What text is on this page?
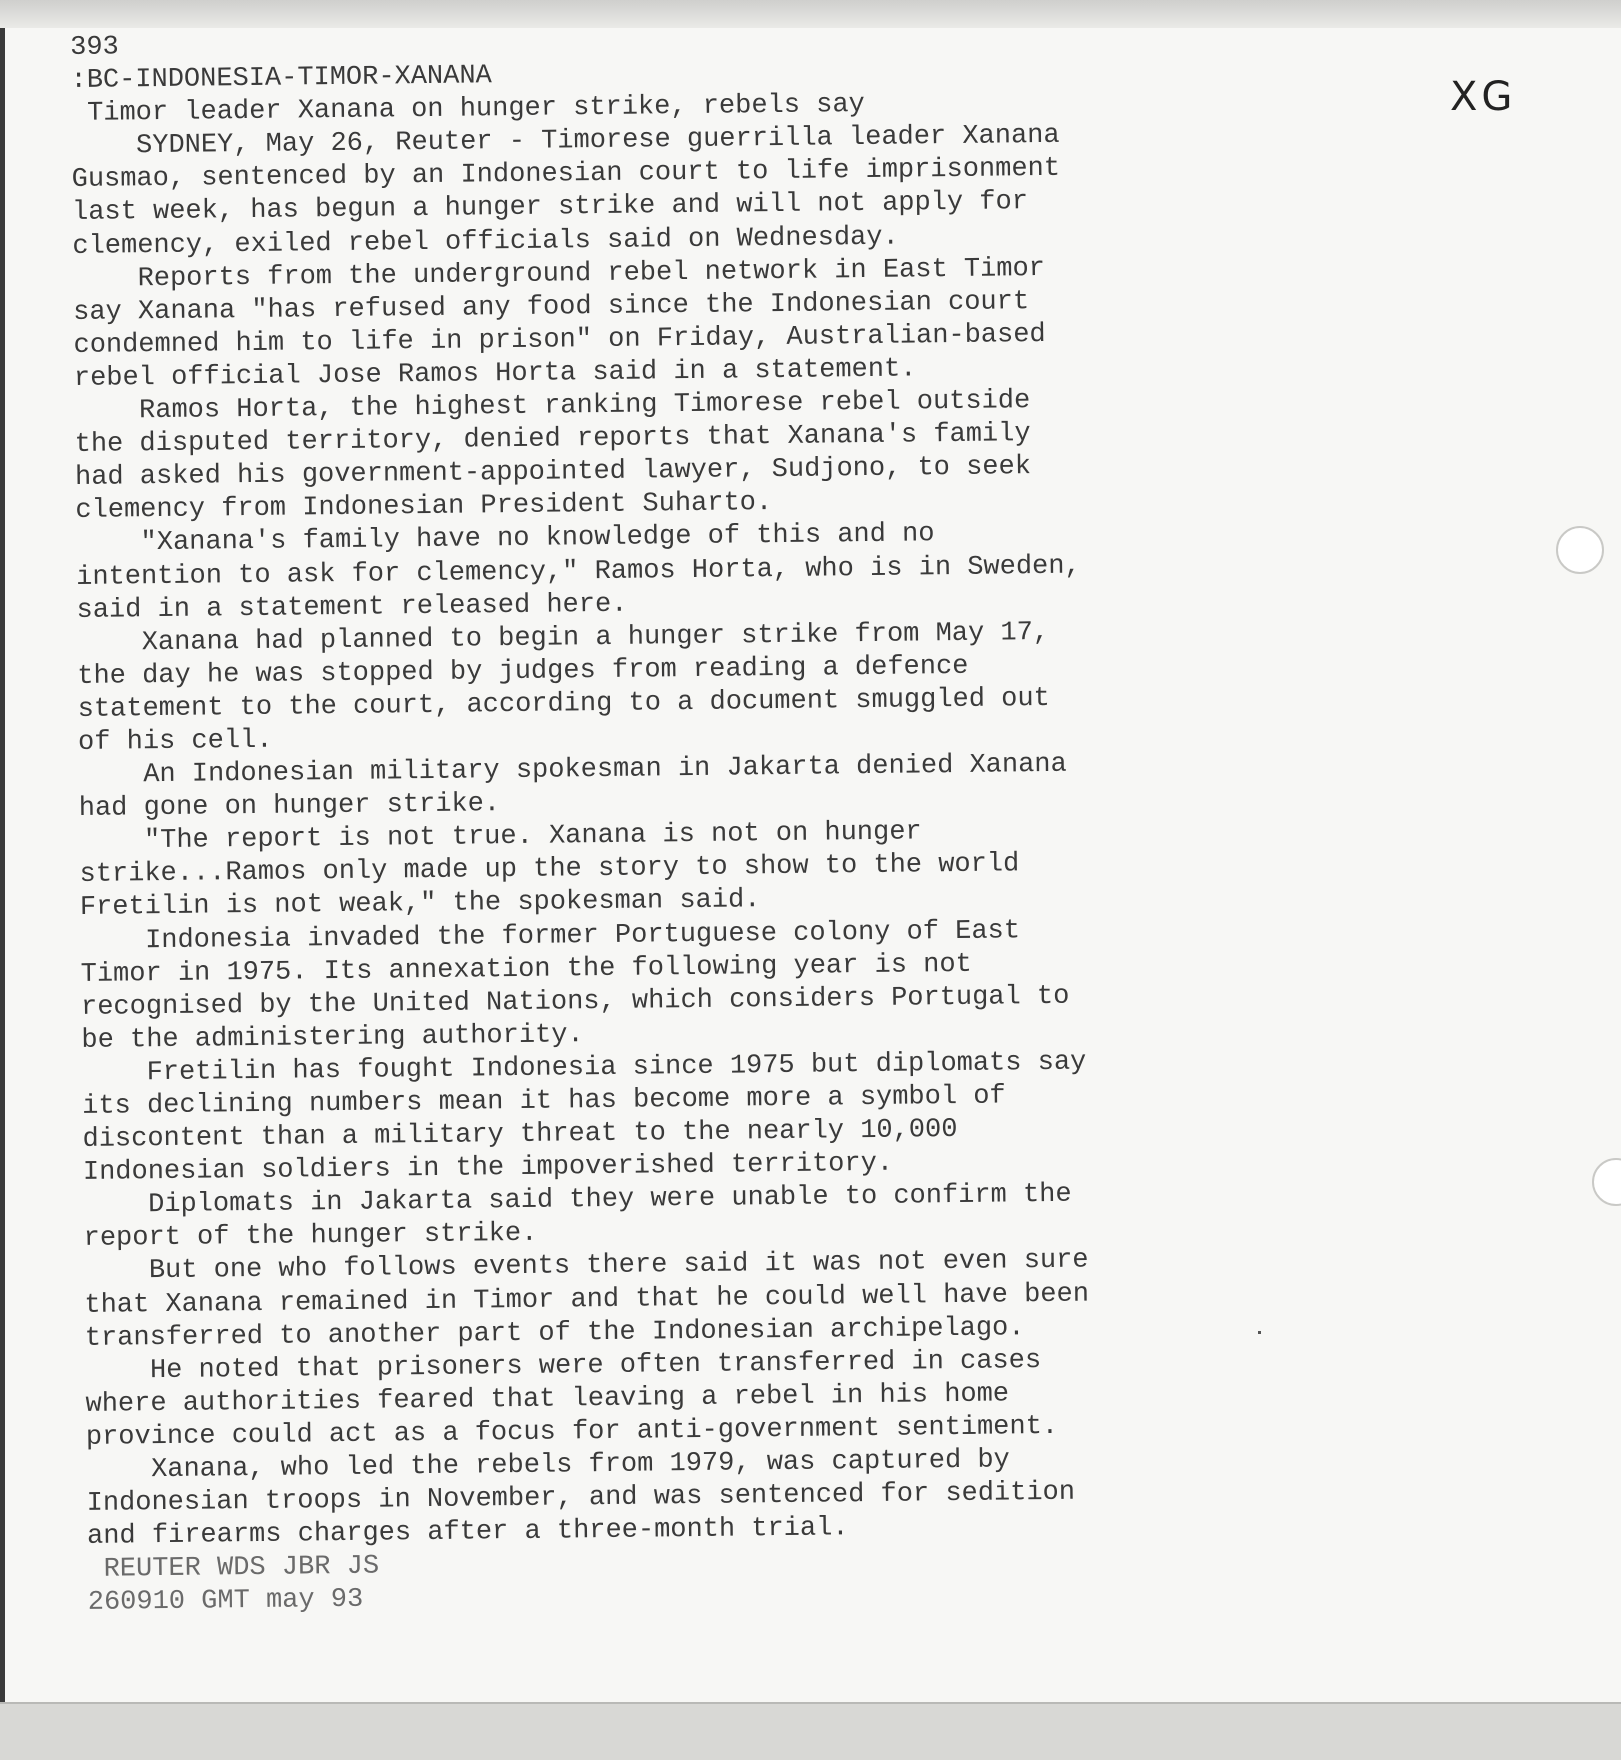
XG
393
:BC-INDONESIA-TIMOR-XANANA
Timor leader Xanana on hunger strike, rebels say
SYDNEY, May 26, Reuter - Timorese guerrilla leader Xanana
Gusmao, sentenced by an Indonesian court to life imprisonment
last week, has begun a hunger strike and will not apply for
clemency, exiled rebel officials said on Wednesday.
Reports from the underground rebel network in East Timor
say Xanana "has refused any food since the Indonesian court
condemned him to life in prison" on Friday, Australian-based
rebel official Jose Ramos Horta said in a statement.
Ramos Horta, the highest ranking Timorese rebel outside
the disputed territory, denied reports that Xanana's family
had asked his government-appointed lawyer, Sudjono, to seek
clemency from Indonesian President Suharto.
"Xanana's family have no knowledge of this and no
intention to ask for clemency," Ramos Horta, who is in Sweden,
said in a statement released here.
Xanana had planned to begin a hunger strike from May 17,
the day he was stopped by judges from reading a defence
statement to the court, according to a document smuggled out
of his cell.
An Indonesian military spokesman in Jakarta denied Xanana
had gone on hunger strike.
"The report is not true. Xanana is not on hunger
strike...Ramos only made up the story to show to the world
Fretilin is not weak," the spokesman said.
Indonesia invaded the former Portuguese colony of East
Timor in 1975. Its annexation the following year is not
recognised by the United Nations, which considers Portugal to
be the administering authority.
Fretilin has fought Indonesia since 1975 but diplomats say
its declining numbers mean it has become more a symbol of
discontent than a military threat to the nearly 10,000
Indonesian soldiers in the impoverished territory.
Diplomats in Jakarta said they were unable to confirm the
report of the hunger strike.
But one who follows events there said it was not even sure
that Xanana remained in Timor and that he could well have been
transferred to another part of the Indonesian archipelago.
He noted that prisoners were often transferred in cases
where authorities feared that leaving a rebel in his home
province could act as a focus for anti-government sentiment.
Xanana, who led the rebels from 1979, was captured by
Indonesian troops in November, and was sentenced for sedition
and firearms charges after a three-month trial.
REUTER WDS JBR JS
260910 GMT may 93
